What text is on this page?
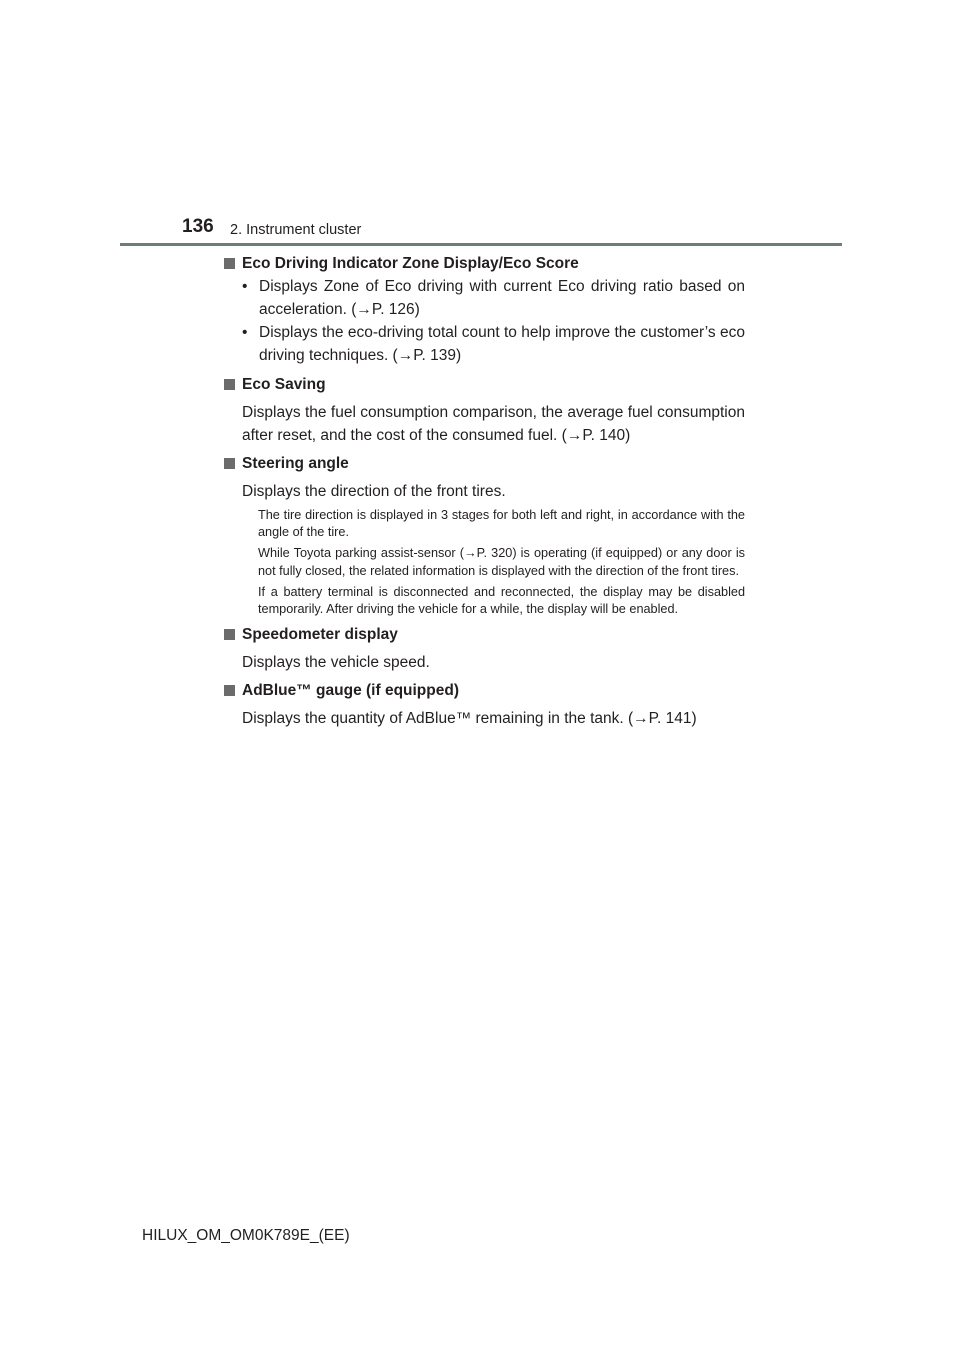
136 2. Instrument cluster
Eco Driving Indicator Zone Display/Eco Score
• Displays Zone of Eco driving with current Eco driving ratio based on acceleration. (→P. 126)
• Displays the eco-driving total count to help improve the customer’s eco driving techniques. (→P. 139)
Eco Saving
Displays the fuel consumption comparison, the average fuel consumption after reset, and the cost of the consumed fuel. (→P. 140)
Steering angle
Displays the direction of the front tires.
The tire direction is displayed in 3 stages for both left and right, in accordance with the angle of the tire.
While Toyota parking assist-sensor (→P. 320) is operating (if equipped) or any door is not fully closed, the related information is displayed with the direction of the front tires.
If a battery terminal is disconnected and reconnected, the display may be disabled temporarily. After driving the vehicle for a while, the display will be enabled.
Speedometer display
Displays the vehicle speed.
AdBlue™ gauge (if equipped)
Displays the quantity of AdBlue™ remaining in the tank. (→P. 141)
HILUX_OM_OM0K789E_(EE)
